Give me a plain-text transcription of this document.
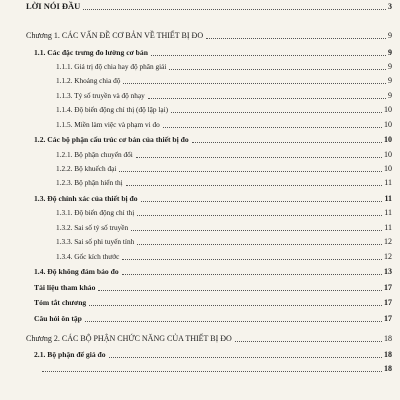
LỜI NÓI ĐẦU	3
Chương 1. CÁC VẤN ĐỀ CƠ BẢN VỀ THIẾT BỊ ĐO	9
1.1. Các đặc trưng đo lường cơ bản	9
1.1.1. Giá trị độ chia hay độ phân giải	9
1.1.2. Khoảng chia độ	9
1.1.3. Tỷ số truyền và độ nhạy	9
1.1.4. Độ biến động chỉ thị (độ lặp lại)	10
1.1.5. Miền làm việc và phạm vi đo	10
1.2. Các bộ phận cấu trúc cơ bản của thiết bị đo	10
1.2.1. Bộ phận chuyển đổi	10
1.2.2. Bộ khuếch đại	10
1.2.3. Bộ phận hiển thị	11
1.3. Độ chính xác của thiết bị đo	11
1.3.1. Độ biến động chỉ thị	11
1.3.2. Sai số tỷ số truyền	11
1.3.3. Sai số phi tuyến tính	12
1.3.4. Gốc kích thước	12
1.4. Độ không đảm bảo đo	13
Tài liệu tham khảo	17
Tóm tắt chương	17
Câu hỏi ôn tập	17
Chương 2. CÁC BỘ PHẬN CHỨC NĂNG CỦA THIẾT BỊ ĐO	18
2.1. Bộ phận để giá đo	18
18
